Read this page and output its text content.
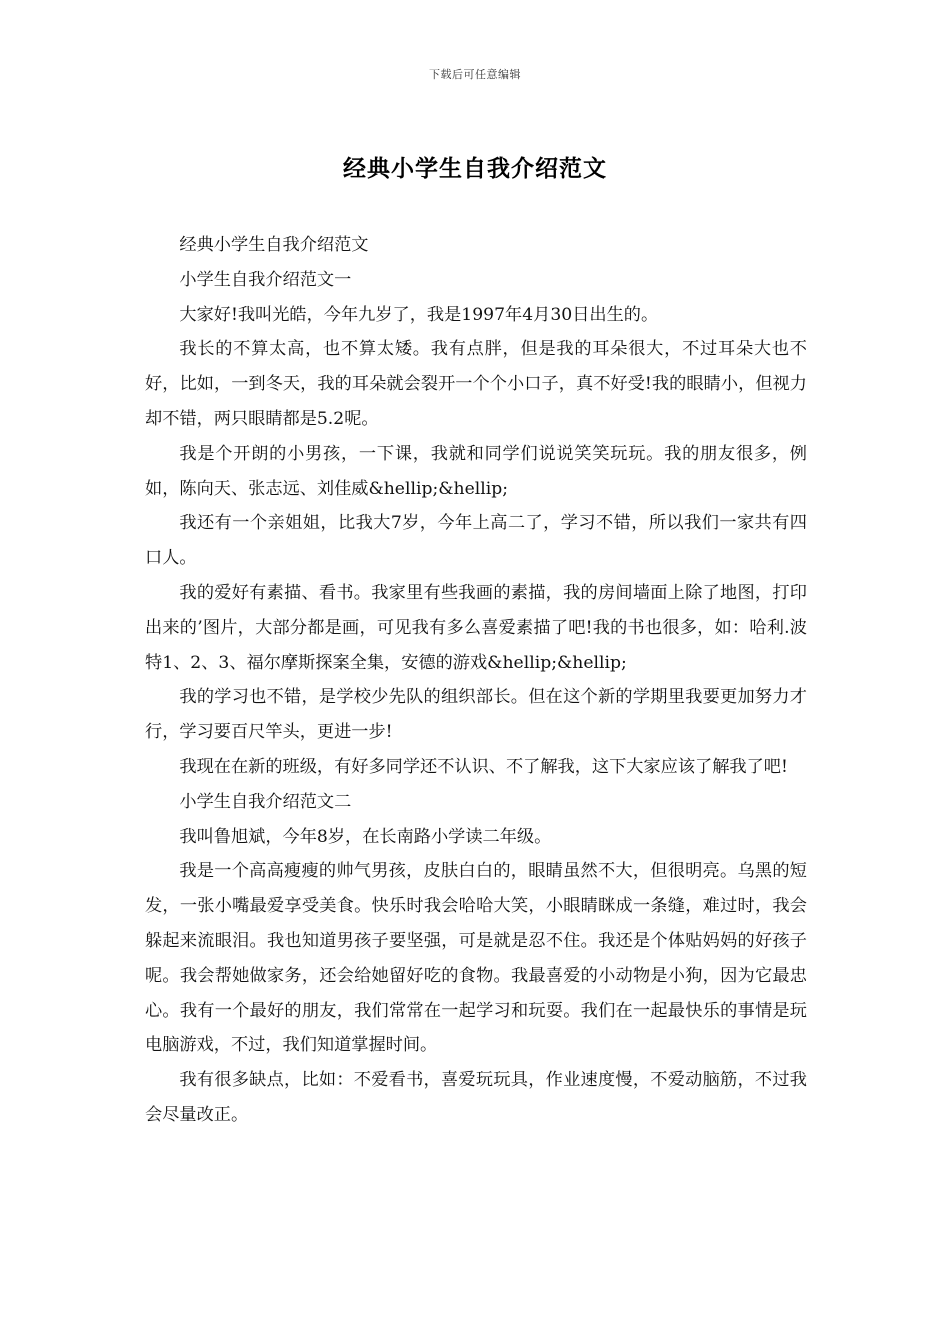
下载后可任意编辑
经典小学生自我介绍范文

经典小学生自我介绍范文

小学生自我介绍范文一

大家好!我叫光皓，今年九岁了，我是1997年4月30日出生的。

我长的不算太高，也不算太矮。我有点胖，但是我的耳朵很大，不过耳朵大也不好，比如，一到冬天，我的耳朵就会裂开一个个小口子，真不好受!我的眼睛小，但视力却不错，两只眼睛都是5.2呢。

我是个开朗的小男孩，一下课，我就和同学们说说笑笑玩玩。我的朋友很多，例如，陈向天、张志远、刘佳威&hellip;&hellip;

我还有一个亲姐姐，比我大7岁，今年上高二了，学习不错，所以我们一家共有四口人。

我的爱好有素描、看书。我家里有些我画的素描，我的房间墙面上除了地图，打印出来的’图片，大部分都是画，可见我有多么喜爱素描了吧!我的书也很多，如：哈利.波特1、2、3、福尔摩斯探案全集，安德的游戏&hellip;&hellip;

我的学习也不错，是学校少先队的组织部长。但在这个新的学期里我要更加努力才行，学习要百尺竿头，更进一步!

我现在在新的班级，有好多同学还不认识、不了解我，这下大家应该了解我了吧!

小学生自我介绍范文二

我叫鲁旭斌，今年8岁，在长南路小学读二年级。

我是一个高高瘦瘦的帅气男孩，皮肤白白的，眼睛虽然不大，但很明亮。乌黑的短发，一张小嘴最爱享受美食。快乐时我会哈哈大笑，小眼睛眯成一条缝，难过时，我会躲起来流眼泪。我也知道男孩子要坚强，可是就是忍不住。我还是个体贴妈妈的好孩子呢。我会帮她做家务，还会给她留好吃的食物。我最喜爱的小动物是小狗，因为它最忠心。我有一个最好的朋友，我们常常在一起学习和玩耍。我们在一起最快乐的事情是玩电脑游戏，不过，我们知道掌握时间。

我有很多缺点，比如：不爱看书，喜爱玩玩具，作业速度慢，不爱动脑筋，不过我会尽量改正。
